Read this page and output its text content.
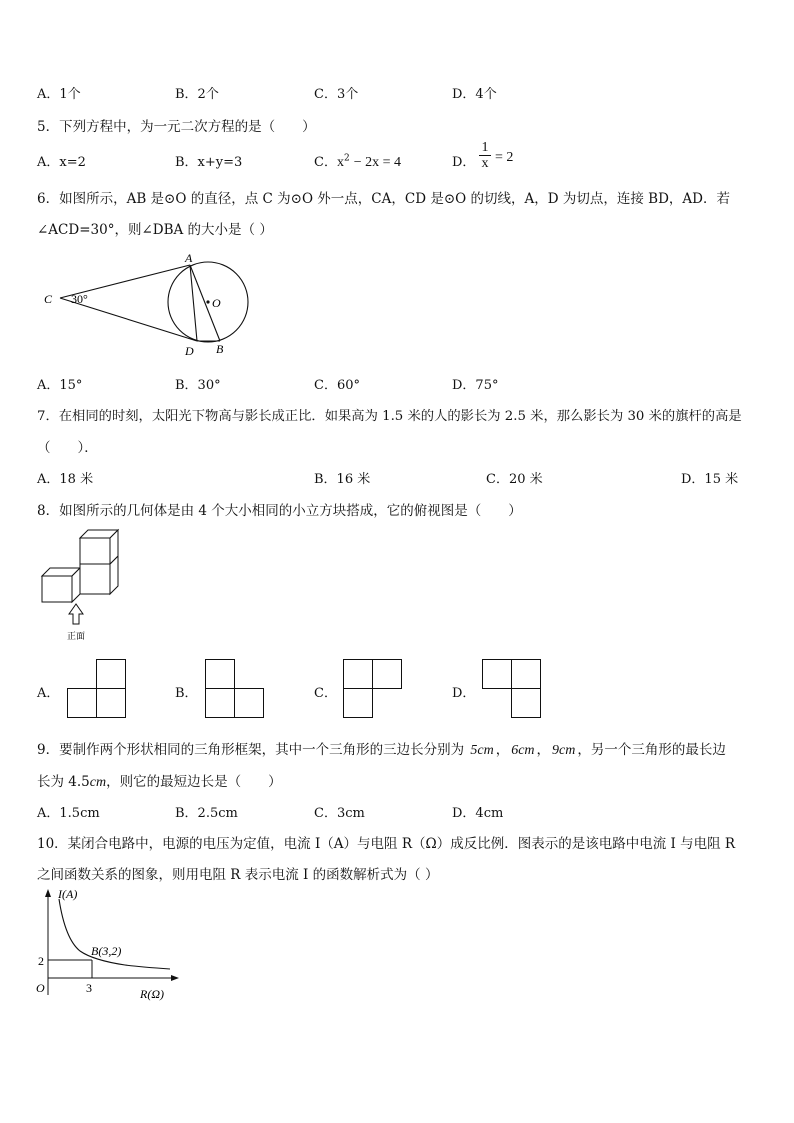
A．1个	B．2个	C．3个	D．4个
5．下列方程中，为一元二次方程的是（　　）
A．x=2	B．x+y=3	C．$x^2 - 2x = 4$	D．
1
x = 2
6．如图所示，AB 是⊙O 的直径，点 C 为⊙O 外一点，CA，CD 是⊙O 的切线，A，D 为切点，连接 BD，AD．若
∠ACD=30°，则∠DBA 的大小是（ ）
A
B
C
D
O
30°
A．15°	B．30°	C．60°	D．75°
7．在相同的时刻，太阳光下物高与影长成正比．如果高为 1.5 米的人的影长为 2.5 米，那么影长为 30 米的旗杆的高是
（　　）．
A．18 米	B．16 米	C．20 米	D．15 米
8．如图所示的几何体是由 4 个大小相同的小立方块搭成，它的俯视图是（　　）
正面
A．	B．	C．	D．
9．要制作两个形状相同的三角形框架，其中一个三角形的三边长分别为 5cm ， 6cm ， 9cm ，另一个三角形的最长边
长为 4.5cm，则它的最短边长是（　　）
A．1.5cm	B．2.5cm	C．3cm	D．4cm
10．某闭合电路中，电源的电压为定值，电流 I（A）与电阻 R（Ω）成反比例．图表示的是该电路中电流 I 与电阻 R
之间函数关系的图象，则用电阻 R 表示电流 I 的函数解析式为（ ）
I(A)
R(Ω)
O
B(3,2)
3
2
